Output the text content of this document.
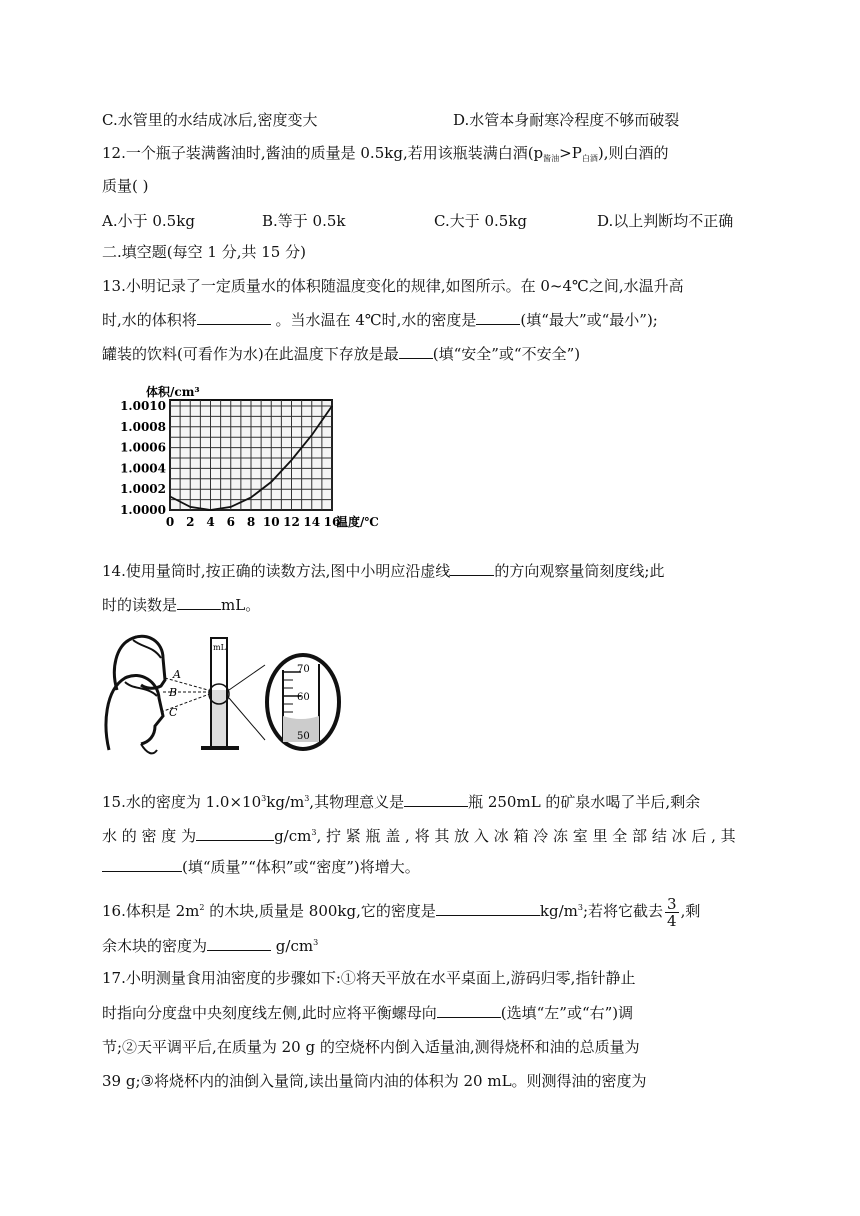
C.水管里的水结成冰后,密度变大	D.水管本身耐寒冷程度不够而破裂
12.一个瓶子装满酱油时,酱油的质量是 0.5kg,若用该瓶装满白酒$(p_{酱油}>P_{白酒})$,则白酒的
质量( )
A.小于 0.5kg	B.等于 0.5k	C.大于 0.5kg	D.以上判断均不正确
二.填空题(每空 1 分,共 15 分)
13.小明记录了一定质量水的体积随温度变化的规律,如图所示。在 0~4℃之间,水温升高
时,水的体积将	。当水温在 4℃时,水的密度是	(填“最大”或“最小”);
罐装的饮料(可看作为水)在此温度下存放是最 (填“安全”或“不安全”)
1.0010
1.0008
1.0006
1.0004
1.0002
1.0000
0 2 4 6 8 10 12 14 16
体积/cm³
温度/℃
14.使用量筒时,按正确的读数方法,图中小明应沿虚线	的方向观察量筒刻度线;此
时的读数是	mL。
A
B
C
mL
70
60
50
15.水的密度为 $1.0\times 10^3kg/m^3$,其物理意义是	瓶 250mL 的矿泉水喝了半后,剩余
水 的 密 度 为	$g/cm^3$, 拧 紧 瓶 盖 , 将 其 放 入 冰 箱 冷 冻 室 里 全 部 结 冰 后 , 其
(填“质量”“体积”或“密度”)将增大。
16.体积是 $2m^2$ 的木块,质量是 800kg,它的密度是	$kg/m^3$;若将它截去 $\frac{3}{4}$ ,剩
余木块的密度为	$g/cm^3$
17.小明测量食用油密度的步骤如下:①将天平放在水平桌面上,游码归零,指针静止
时指向分度盘中央刻度线左侧,此时应将平衡螺母向	(选填“左”或“右”)调
节;②天平调平后,在质量为 20 g 的空烧杯内倒入适量油,测得烧杯和油的总质量为
39 g;③将烧杯内的油倒入量筒,读出量筒内油的体积为 20 mL。则测得油的密度为
